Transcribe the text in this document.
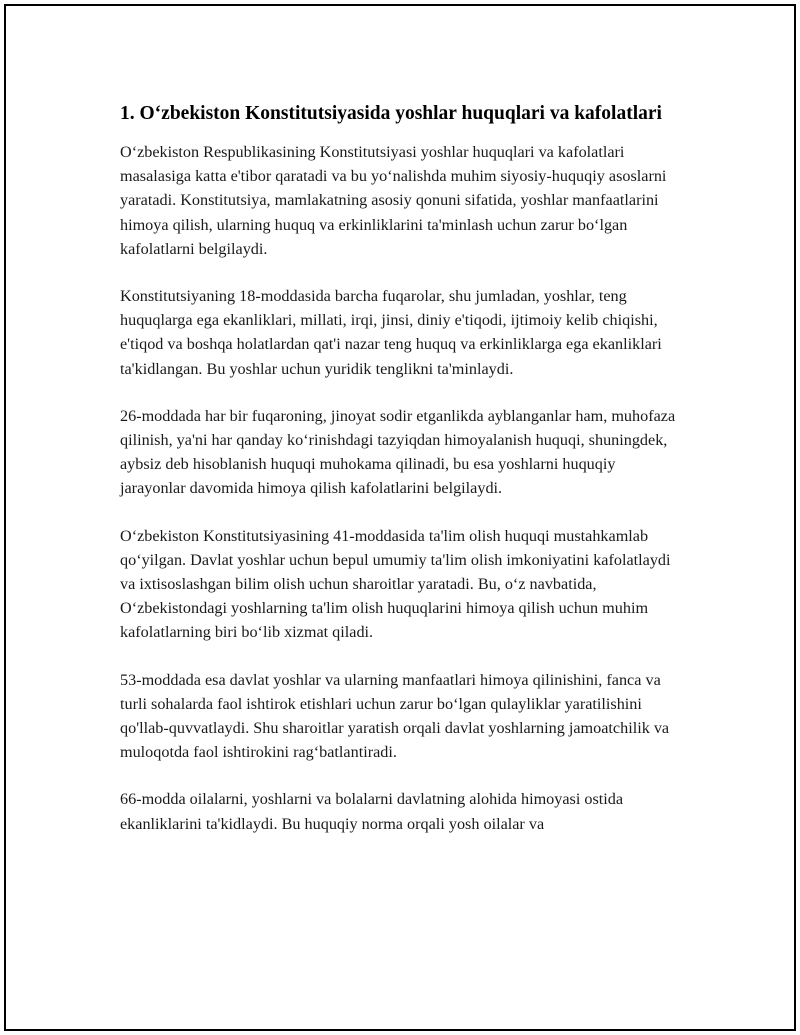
1. O‘zbekiston Konstitutsiyasida yoshlar huquqlari va kafolatlari

O‘zbekiston Respublikasining Konstitutsiyasi yoshlar huquqlari va kafolatlari masalasiga katta e'tibor qaratadi va bu yo‘nalishda muhim siyosiy-huquqiy asoslarni yaratadi. Konstitutsiya, mamlakatning asosiy qonuni sifatida, yoshlar manfaatlarini himoya qilish, ularning huquq va erkinliklarini ta'minlash uchun zarur bo‘lgan kafolatlarni belgilaydi.

Konstitutsiyaning 18-moddasida barcha fuqarolar, shu jumladan, yoshlar, teng huquqlarga ega ekanliklari, millati, irqi, jinsi, diniy e'tiqodi, ijtimoiy kelib chiqishi, e'tiqod va boshqa holatlardan qat'i nazar teng huquq va erkinliklarga ega ekanliklari ta'kidlangan. Bu yoshlar uchun yuridik tenglikni ta'minlaydi.

26-moddada har bir fuqaroning, jinoyat sodir etganlikda ayblanganlar ham, muhofaza qilinish, ya'ni har qanday ko‘rinishdagi tazyiqdan himoyalanish huquqi, shuningdek, aybsiz deb hisoblanish huquqi muhokama qilinadi, bu esa yoshlarni huquqiy jarayonlar davomida himoya qilish kafolatlarini belgilaydi.

O‘zbekiston Konstitutsiyasining 41-moddasida ta'lim olish huquqi mustahkamlab qo‘yilgan. Davlat yoshlar uchun bepul umumiy ta'lim olish imkoniyatini kafolatlaydi va ixtisoslashgan bilim olish uchun sharoitlar yaratadi. Bu, o‘z navbatida, O‘zbekistondagi yoshlarning ta'lim olish huquqlarini himoya qilish uchun muhim kafolatlarning biri bo‘lib xizmat qiladi.

53-moddada esa davlat yoshlar va ularning manfaatlari himoya qilinishini, fanca va turli sohalarda faol ishtirok etishlari uchun zarur bo‘lgan qulayliklar yaratilishini qo'llab-quvvatlaydi. Shu sharoitlar yaratish orqali davlat yoshlarning jamoatchilik va muloqotda faol ishtirokini rag‘batlantiradi.

66-modda oilalarni, yoshlarni va bolalarni davlatning alohida himoyasi ostida ekanliklarini ta'kidlaydi. Bu huquqiy norma orqali yosh oilalar va
